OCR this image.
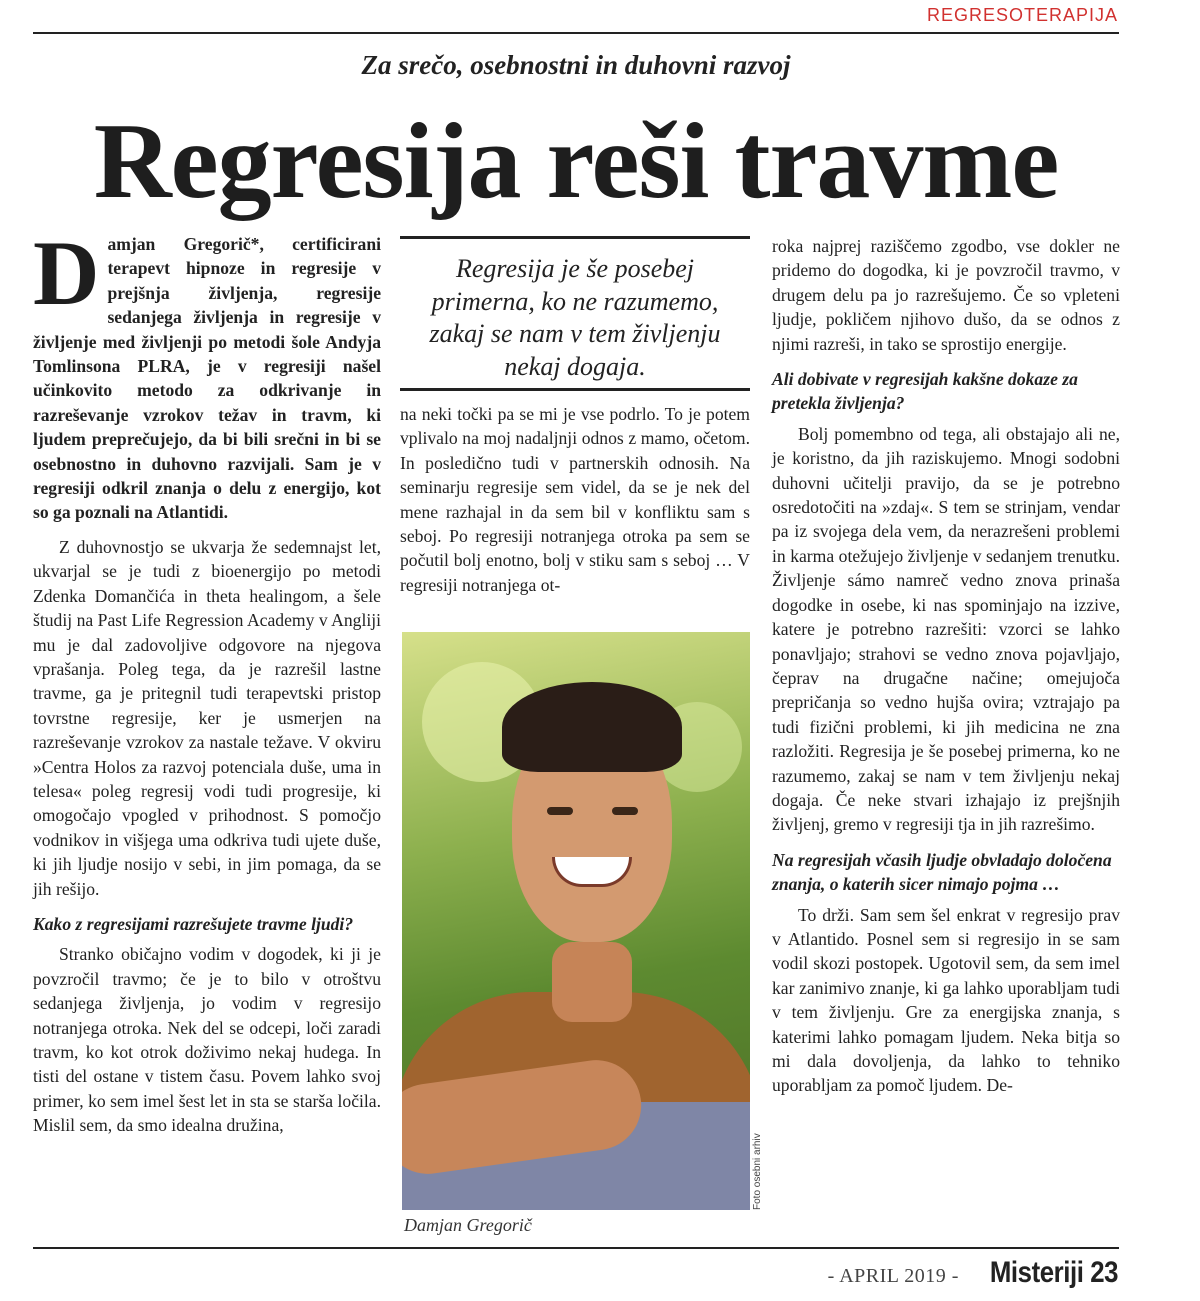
REGRESOTERAPIJA
Za srečo, osebnostni in duhovni razvoj
Regresija reši travme

Damjan Gregorič*, certificirani terapevt hipnoze in regresije v prejšnja življenja, regresije sedanjega življenja in regresije v življenje med življenji po metodi šole Andyja Tomlinsona PLRA, je v regresiji našel učinkovito metodo za odkrivanje in razreševanje vzrokov težav in travm, ki ljudem preprečujejo, da bi bili srečni in bi se osebnostno in duhovno razvijali. Sam je v regresiji odkril znanja o delu z energijo, kot so ga poznali na Atlantidi.

Z duhovnostjo se ukvarja že sedemnajst let, ukvarjal se je tudi z bioenergijo po metodi Zdenka Domančića in theta healingom, a šele študij na Past Life Regression Academy v Angliji mu je dal zadovoljive odgovore na njegova vprašanja. Poleg tega, da je razrešil lastne travme, ga je pritegnil tudi terapevtski pristop tovrstne regresije, ker je usmerjen na razreševanje vzrokov za nastale težave. V okviru »Centra Holos za razvoj potenciala duše, uma in telesa« poleg regresij vodi tudi progresije, ki omogočajo vpogled v prihodnost. S pomočjo vodnikov in višjega uma odkriva tudi ujete duše, ki jih ljudje nosijo v sebi, in jim pomaga, da se jih rešijo.

Kako z regresijami razrešujete travme ljudi?

Stranko običajno vodim v dogodek, ki ji je povzročil travmo; če je to bilo v otroštvu sedanjega življenja, jo vodim v regresijo notranjega otroka. Nek del se odcepi, loči zaradi travm, ko kot otrok doživimo nekaj hudega. In tisti del ostane v tistem času. Povem lahko svoj primer, ko sem imel šest let in sta se starša ločila. Mislil sem, da smo idealna družina,

Regresija je še posebej primerna, ko ne razumemo, zakaj se nam v tem življenju nekaj dogaja.

na neki točki pa se mi je vse podrlo. To je potem vplivalo na moj nadaljnji odnos z mamo, očetom. In posledično tudi v partnerskih odnosih. Na seminarju regresije sem videl, da se je nek del mene razhajal in da sem bil v konfliktu sam s seboj. Po regresiji notranjega otroka pa sem se počutil bolj enotno, bolj v stiku sam s seboj … V regresiji notranjega ot-

Foto osebni arhiv
Damjan Gregorič

roka najprej raziščemo zgodbo, vse dokler ne pridemo do dogodka, ki je povzročil travmo, v drugem delu pa jo razrešujemo. Če so vpleteni ljudje, pokličem njihovo dušo, da se odnos z njimi razreši, in tako se sprostijo energije.

Ali dobivate v regresijah kakšne dokaze za pretekla življenja?

Bolj pomembno od tega, ali obstajajo ali ne, je koristno, da jih raziskujemo. Mnogi sodobni duhovni učitelji pravijo, da se je potrebno osredotočiti na »zdaj«. S tem se strinjam, vendar pa iz svojega dela vem, da nerazrešeni problemi in karma otežujejo življenje v sedanjem trenutku. Življenje sámo namreč vedno znova prinaša dogodke in osebe, ki nas spominjajo na izzive, katere je potrebno razrešiti: vzorci se lahko ponavljajo; strahovi se vedno znova pojavljajo, čeprav na drugačne načine; omejujoča prepričanja so vedno hujša ovira; vztrajajo pa tudi fizični problemi, ki jih medicina ne zna razložiti. Regresija je še posebej primerna, ko ne razumemo, zakaj se nam v tem življenju nekaj dogaja. Če neke stvari izhajajo iz prejšnjih življenj, gremo v regresiji tja in jih razrešimo.

Na regresijah včasih ljudje obvladajo določena znanja, o katerih sicer nimajo pojma …

To drži. Sam sem šel enkrat v regresijo prav v Atlantido. Posnel sem si regresijo in se sam vodil skozi postopek. Ugotovil sem, da sem imel kar zanimivo znanje, ki ga lahko uporabljam tudi v tem življenju. Gre za energijska znanja, s katerimi lahko pomagam ljudem. Neka bitja so mi dala dovoljenja, da lahko to tehniko uporabljam za pomoč ljudem. De-

- APRIL 2019 - Misteriji 23
